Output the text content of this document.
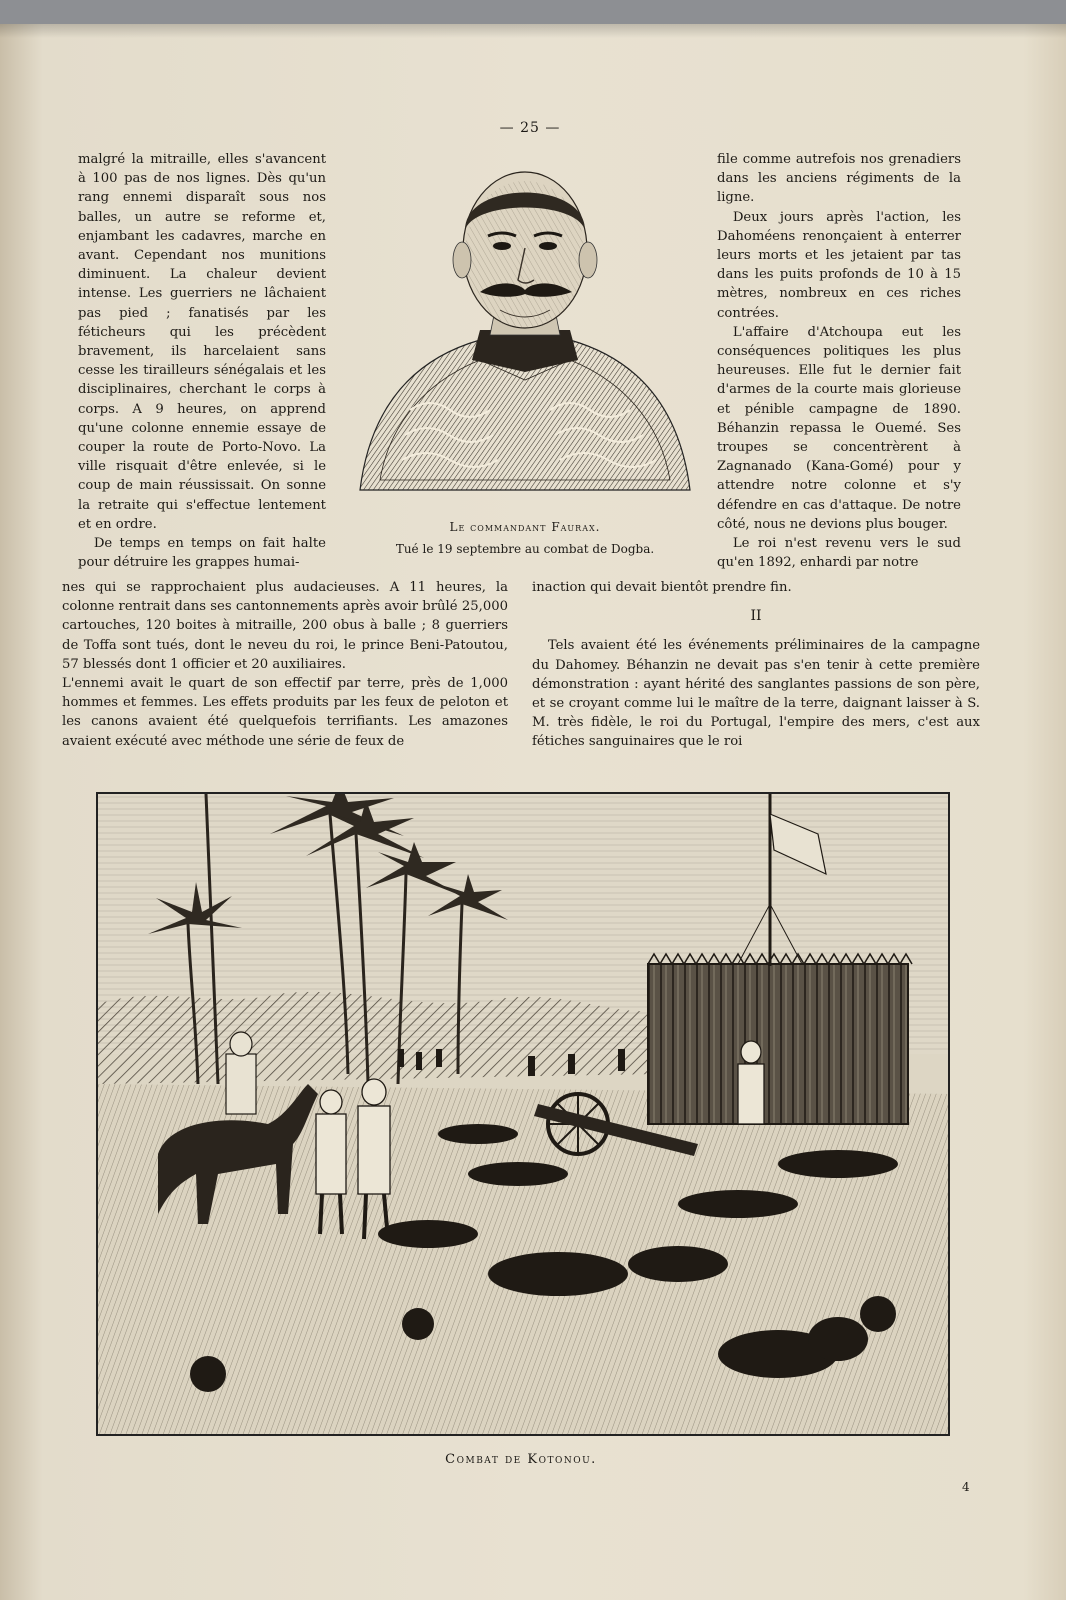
— 25 —

malgré la mitraille, elles s'avancent à 100 pas de nos lignes. Dès qu'un rang ennemi disparaît sous nos balles, un autre se reforme et, enjambant les cadavres, marche en avant. Cependant nos munitions diminuent. La chaleur devient intense. Les guerriers ne lâchaient pas pied ; fanatisés par les féticheurs qui les précèdent bravement, ils harcelaient sans cesse les tirailleurs sénégalais et les disciplinaires, cherchant le corps à corps. A 9 heures, on apprend qu'une colonne ennemie essaye de couper la route de Porto-Novo. La ville risquait d'être enlevée, si le coup de main réussissait. On sonne la retraite qui s'effectue lentement et en ordre.

De temps en temps on fait halte pour détruire les grappes humai-

Le commandant Faurax.
Tué le 19 septembre au combat de Dogba.

file comme autrefois nos grenadiers dans les anciens régiments de la ligne.

Deux jours après l'action, les Dahoméens renonçaient à enterrer leurs morts et les jetaient par tas dans les puits profonds de 10 à 15 mètres, nombreux en ces riches contrées.

L'affaire d'Atchoupa eut les conséquences politiques les plus heureuses. Elle fut le dernier fait d'armes de la courte mais glorieuse et pénible campagne de 1890. Béhanzin repassa le Ouemé. Ses troupes se concentrèrent à Zagnanado (Kana-Gomé) pour y attendre notre colonne et s'y défendre en cas d'attaque. De notre côté, nous ne devions plus bouger.

Le roi n'est revenu vers le sud qu'en 1892, enhardi par notre

nes qui se rapprochaient plus audacieuses. A 11 heures, la colonne rentrait dans ses cantonnements après avoir brûlé 25,000 cartouches, 120 boites à mitraille, 200 obus à balle ; 8 guerriers de Toffa sont tués, dont le neveu du roi, le prince Beni-Patoutou, 57 blessés dont 1 officier et 20 auxiliaires.

L'ennemi avait le quart de son effectif par terre, près de 1,000 hommes et femmes. Les effets produits par les feux de peloton et les canons avaient été quelquefois terrifiants. Les amazones avaient exécuté avec méthode une série de feux de

inaction qui devait bientôt prendre fin.

II

Tels avaient été les événements préliminaires de la campagne du Dahomey. Béhanzin ne devait pas s'en tenir à cette première démonstration : ayant hérité des sanglantes passions de son père, et se croyant comme lui le maître de la terre, daignant laisser à S. M. très fidèle, le roi du Portugal, l'empire des mers, c'est aux fétiches sanguinaires que le roi

Combat de Kotonou.
4
